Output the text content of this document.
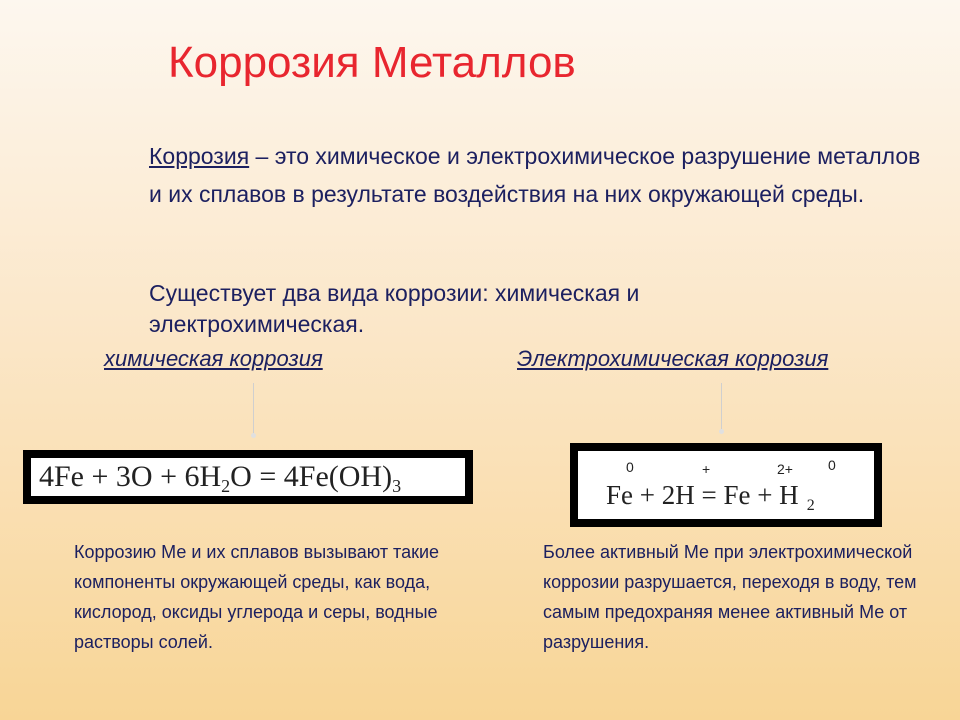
Коррозия Металлов
Коррозия – это химическое и электрохимическое разрушение металлов и их сплавов в результате воздействия на них окружающей среды.
Существует два вида коррозии: химическая и электрохимическая.
химическая коррозия	Электрохимическая коррозия
$4Fe + 3O + 6H_2O = 4Fe(OH)_3$
0	+	2+	0
Fe + 2H = Fe + H $_2$
Коррозию Ме и их сплавов вызывают такие компоненты окружающей среды, как вода, кислород, оксиды углерода и серы, водные растворы солей.
Более активный Ме при электрохимической коррозии разрушается, переходя в воду, тем самым предохраняя менее активный Ме от разрушения.
